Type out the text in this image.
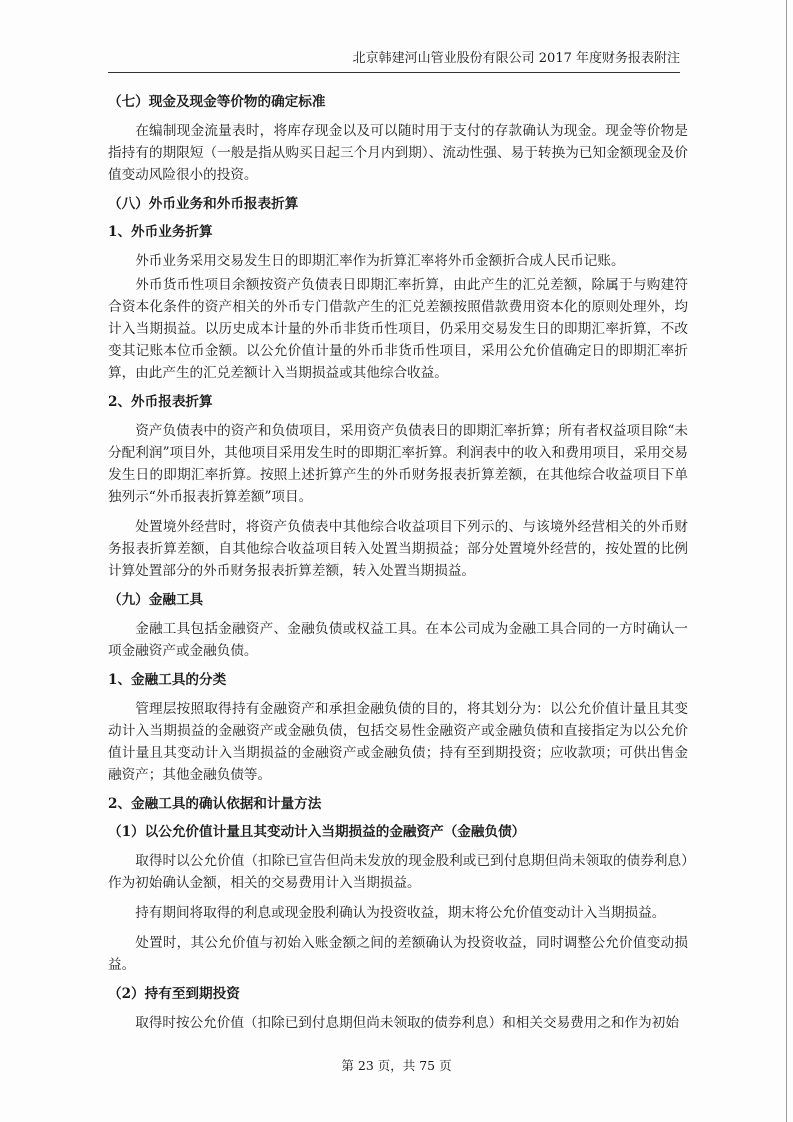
北京韩建河山管业股份有限公司 2017 年度财务报表附注
（七）现金及现金等价物的确定标准

在编制现金流量表时，将库存现金以及可以随时用于支付的存款确认为现金。现金等价物是指持有的期限短（一般是指从购买日起三个月内到期）、流动性强、易于转换为已知金额现金及价值变动风险很小的投资。

（八）外币业务和外币报表折算
1、外币业务折算

外币业务采用交易发生日的即期汇率作为折算汇率将外币金额折合成人民币记账。

外币货币性项目余额按资产负债表日即期汇率折算，由此产生的汇兑差额，除属于与购建符合资本化条件的资产相关的外币专门借款产生的汇兑差额按照借款费用资本化的原则处理外，均计入当期损益。以历史成本计量的外币非货币性项目，仍采用交易发生日的即期汇率折算，不改变其记账本位币金额。以公允价值计量的外币非货币性项目，采用公允价值确定日的即期汇率折算，由此产生的汇兑差额计入当期损益或其他综合收益。

2、外币报表折算

资产负债表中的资产和负债项目，采用资产负债表日的即期汇率折算；所有者权益项目除“未分配利润”项目外，其他项目采用发生时的即期汇率折算。利润表中的收入和费用项目，采用交易发生日的即期汇率折算。按照上述折算产生的外币财务报表折算差额，在其他综合收益项目下单独列示“外币报表折算差额”项目。

处置境外经营时，将资产负债表中其他综合收益项目下列示的、与该境外经营相关的外币财务报表折算差额，自其他综合收益项目转入处置当期损益；部分处置境外经营的，按处置的比例计算处置部分的外币财务报表折算差额，转入处置当期损益。

（九）金融工具

金融工具包括金融资产、金融负债或权益工具。在本公司成为金融工具合同的一方时确认一项金融资产或金融负债。

1、金融工具的分类

管理层按照取得持有金融资产和承担金融负债的目的，将其划分为：以公允价值计量且其变动计入当期损益的金融资产或金融负债，包括交易性金融资产或金融负债和直接指定为以公允价值计量且其变动计入当期损益的金融资产或金融负债；持有至到期投资；应收款项；可供出售金融资产；其他金融负债等。

2、金融工具的确认依据和计量方法
（1）以公允价值计量且其变动计入当期损益的金融资产（金融负债）

取得时以公允价值（扣除已宣告但尚未发放的现金股利或已到付息期但尚未领取的债券利息）作为初始确认金额，相关的交易费用计入当期损益。

持有期间将取得的利息或现金股利确认为投资收益，期末将公允价值变动计入当期损益。

处置时，其公允价值与初始入账金额之间的差额确认为投资收益，同时调整公允价值变动损益。

（2）持有至到期投资

取得时按公允价值（扣除已到付息期但尚未领取的债券利息）和相关交易费用之和作为初始

第 23 页，共 75 页
